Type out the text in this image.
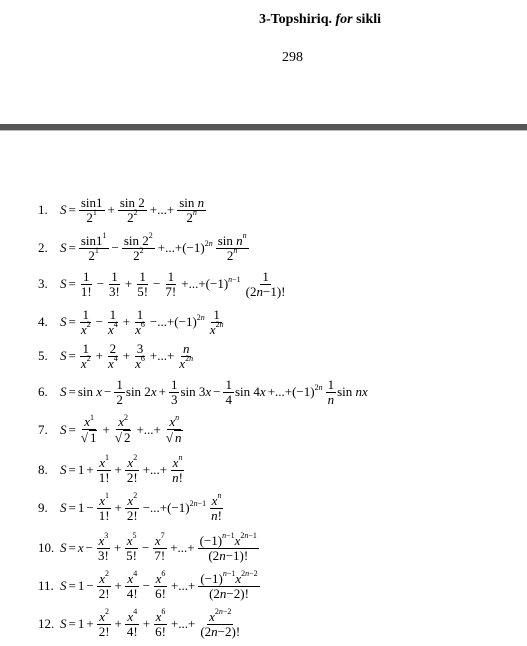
3-Topshiriq. for sikli
298
1. $S = \frac{\sin 1}{2^1} + \frac{\sin 2}{2^2}$ +...+ $\frac{\text{sin n}}{2^n}$
2. $S = \frac{\sin 1^1}{2^1} - \frac{\sin 2^2}{2^2} +...+(-1)^{2n} \frac{\sin n^n}{2^n}$
3. $S = \frac{1}{1!} - \frac{1}{3!} + \frac{1}{5!} - \frac{1}{7!} +...+(-1)^{n-1} \frac{1}{(2n-1)!}$
4. $S = \frac{1}{x^2} - \frac{1}{x^4} + \frac{1}{x^6} -...+(-1)^{2n} \frac{1}{x^{2n}}$
5. $S = \frac{1}{x^2} + \frac{2}{x^4} + \frac{3}{x^6}$ +...+ $\frac{n}{x^{2n}}$
6. $S = \sin x - \frac{1}{2}$ sin 2 $x + \frac{1}{3}$ sin 3 $x - \frac{1}{4}$ sin 4 $x +...+(-1)^{2n} \frac{1}{n}$ sin nx
7. $S = \frac{x^1}{√ 1} + \frac{x^2}{√ 2}$ +...+ $\frac{x^n}{√ n}$
8. $S = 1 + \frac{x^1}{1!} + \frac{x^2}{2!}$ +...+ $\frac{x^n}{n!}$
9. $S = 1 - \frac{x^1}{1!} + \frac{x^2}{2!} -...+(-1)^{2n-1} \frac{x^n}{n!}$
10. $S = x - \frac{x^3}{3!} + \frac{x^5}{5!} - \frac{x^7}{7!}$ +...+ $\frac{(-1)^{n-1}x^{2n-1}}{(2n-1)!}$
11. $S = 1 - \frac{x^2}{2!} + \frac{x^4}{4!} - \frac{x^6}{6!}$ +...+ $\frac{(-1)^{n-1}x^{2n-2}}{(2n-2)!}$
12. $S = 1 + \frac{x^2}{2!} + \frac{x^4}{4!} + \frac{x^6}{6!}$ +...+ $\frac{x^{2n-2}}{(2n-2)!}$
